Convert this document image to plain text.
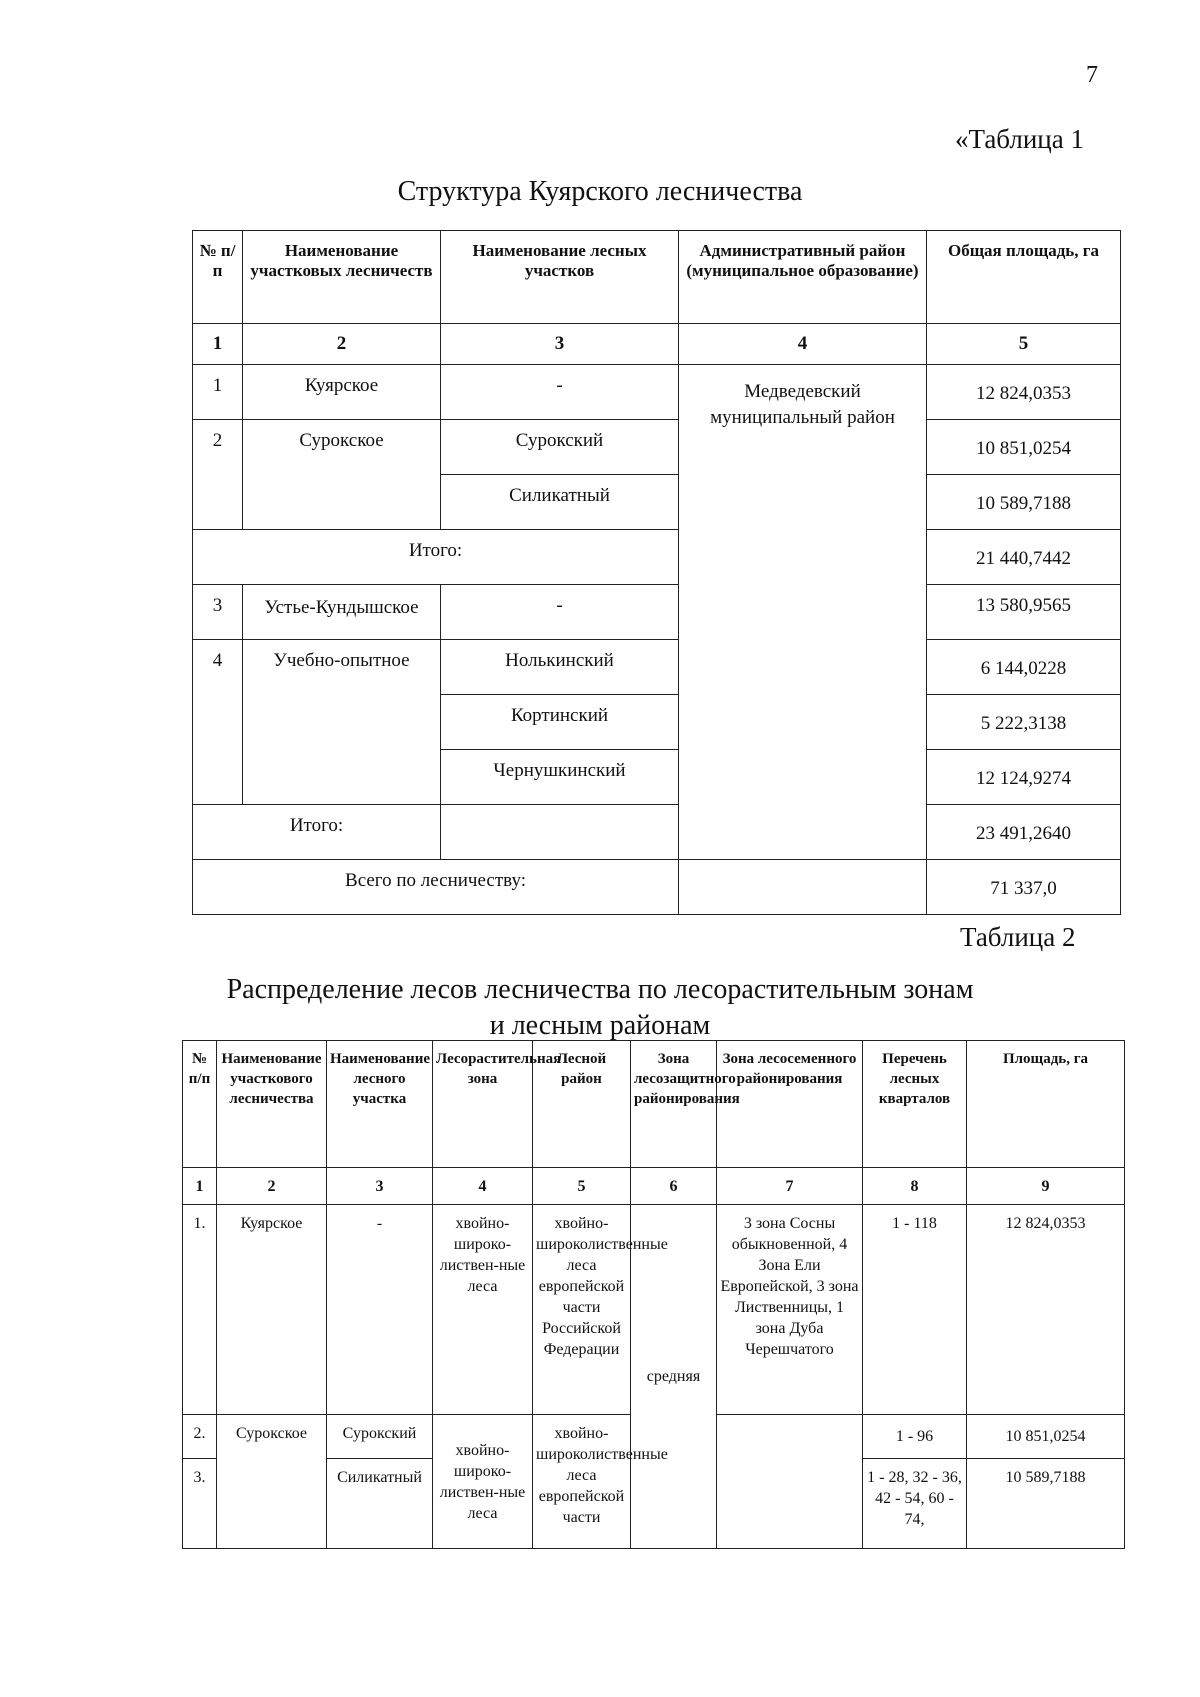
7
«Таблица 1
Структура Куярского лесничества
№ п/п	Наименование участковых лесничеств	Наименование лесных участков	Административный район (муниципальное образование)	Общая площадь, га
1	2	3	4	5
1	Куярское	-	Медведевский муниципальный район	12 824,0353
2	Сурокское	Сурокский		10 851,0254
		Силикатный		10 589,7188
Итого:				21 440,7442
3	Устье-Кундышское	-		13 580,9565
4	Учебно-опытное	Нолькинский		6 144,0228
		Кортинский		5 222,3138
		Чернушкинский		12 124,9274
Итого:				23 491,2640
Всего по лесничеству:				71 337,0
Таблица 2
Распределение лесов лесничества по лесорастительным зонам
и лесным районам
№ п/п	Наименование участкового лесничества	Наименование лесного участка	Лесорастительная зона	Лесной район	Зона лесозащитного районирования	Зона лесосеменного районирования	Перечень лесных кварталов	Площадь, га
1	2	3	4	5	6	7	8	9
1.	Куярское	-	хвойно-широко-листвен-ные леса	хвойно-широколиственные леса европейской части Российской Федерации	средняя	3 зона Сосны обыкновенной, 4 Зона Ели Европейской, 3 зона Лиственницы, 1 зона Дуба Черешчатого	1 - 118	12 824,0353
2.	Сурокское	Сурокский	хвойно-широко-листвен-ные леса	хвойно-широколиственные леса европейской части			1 - 96	10 851,0254
3.		Силикатный					1 - 28, 32 - 36, 42 - 54, 60 - 74,	10 589,7188
